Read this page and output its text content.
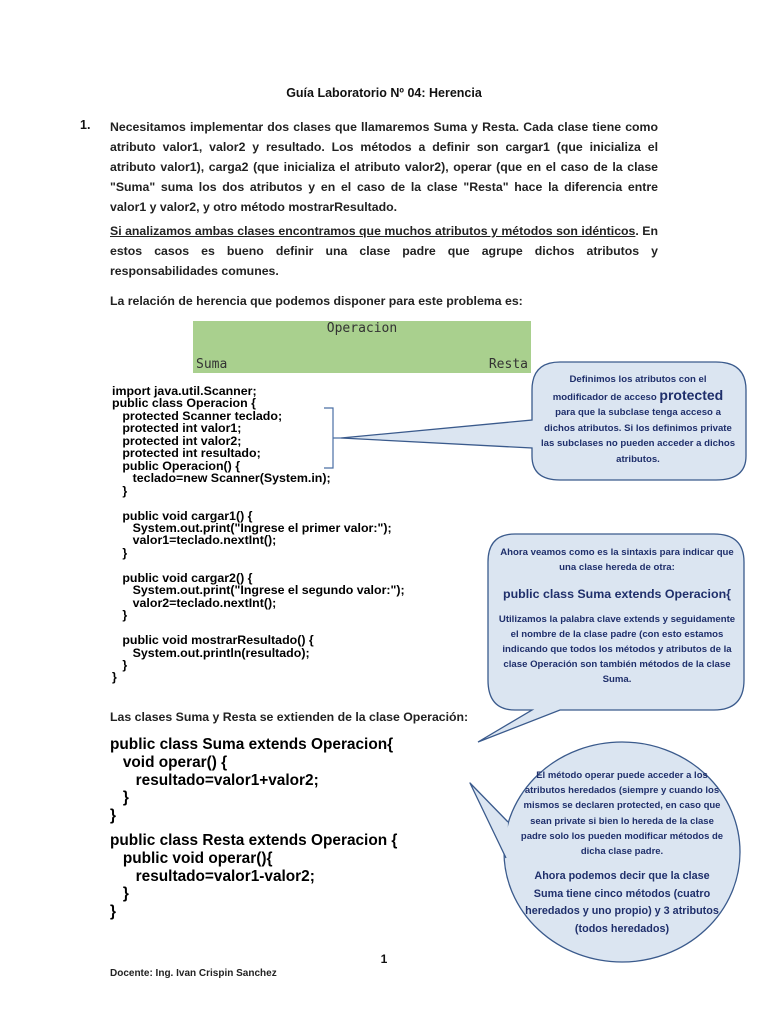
Guía Laboratorio Nº 04: Herencia
1. Necesitamos implementar dos clases que llamaremos Suma y Resta. Cada clase tiene como atributo valor1, valor2 y resultado. Los métodos a definir son cargar1 (que inicializa el atributo valor1), carga2 (que inicializa el atributo valor2), operar (que en el caso de la clase "Suma" suma los dos atributos y en el caso de la clase "Resta" hace la diferencia entre valor1 y valor2, y otro método mostrarResultado.
Si analizamos ambas clases encontramos que muchos atributos y métodos son idénticos. En estos casos es bueno definir una clase padre que agrupe dichos atributos y responsabilidades comunes.
La relación de herencia que podemos disponer para este problema es:
Operacion
Suma	Resta
import java.util.Scanner;
public class Operacion {
protected Scanner teclado;
protected int valor1;
protected int valor2;
protected int resultado;
public Operacion() {
teclado=new Scanner(System.in);
}

public void cargar1() {
System.out.print("Ingrese el primer valor:");
valor1=teclado.nextInt();
}

public void cargar2() {
System.out.print("Ingrese el segundo valor:");
valor2=teclado.nextInt();
}

public void mostrarResultado() {
System.out.println(resultado);
}
}
Las clases Suma y Resta se extienden de la clase Operación:
public class Suma extends Operacion{
void operar() {
resultado=valor1+valor2;
}
}
public class Resta extends Operacion {
public void operar(){
resultado=valor1-valor2;
}
}
Definimos los atributos con el
modificador de acceso protected
para que la subclase tenga acceso a dichos atributos. Si los definimos private las subclases no pueden acceder a dichos atributos.
Ahora veamos como es la sintaxis para indicar que una clase hereda de otra:
public class Suma extends Operacion{
Utilizamos la palabra clave extends y seguidamente el nombre de la clase padre (con esto estamos indicando que todos los métodos y atributos de la clase Operación son también métodos de la clase Suma.
El método operar puede acceder a los atributos heredados (siempre y cuando los mismos se declaren protected, en caso que sean private si bien lo hereda de la clase padre solo los pueden modificar métodos de dicha clase padre.
Ahora podemos decir que la clase Suma tiene cinco métodos (cuatro heredados y uno propio) y 3 atributos (todos heredados)
1
Docente: Ing. Ivan Crispin Sanchez
